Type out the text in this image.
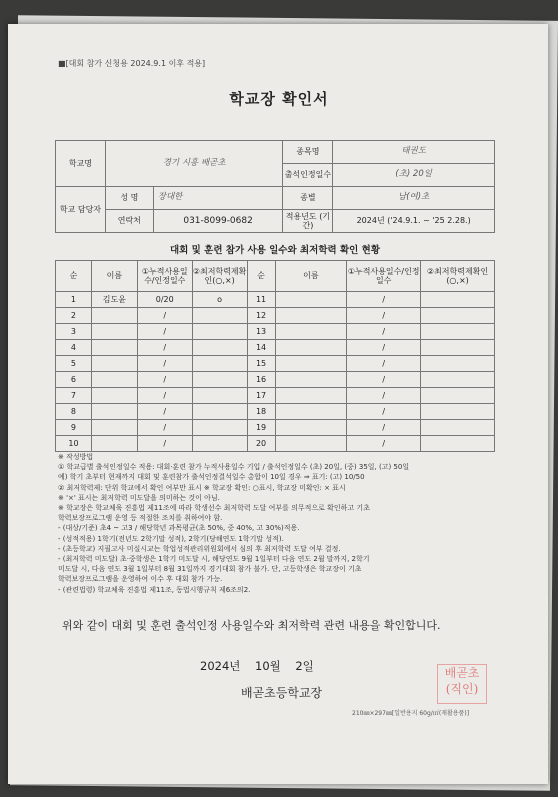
■[대회 참가 신청용 2024.9.1 이후 적용]
학교장 확인서
학교명	경기 시흥 배곧초		종목명	태권도
			출석인정일수	(초) 20일
학교 담당자	성 명	장대한	종별	남(여)초
	연락처	031-8099-0682	적용년도 (기간)	2024년 ('24.9.1. ~ '25 2.28.)
대회 및 훈련 참가 사용 일수와 최저학력 확인 현황
순	이름	①누적사용일수/인정일수	②최저학력제확인(○,×)	순	이름	①누적사용일수/인정일수	②최저학력제확인(○,×)
1	김도윤	0/20	o	11		/	
2		/		12		/	
3		/		13		/	
4		/		14		/	
5		/		15		/	
6		/		16		/	
7		/		17		/	
8		/		18		/	
9		/		19		/	
10		/		20		/	
※ 작성방법
① 학교급별 출석인정일수 적용: 대회·훈련 참가 누적사용일수 기입 / 출석인정일수 (초) 20일, (중) 35일, (고) 50일
예) 학기 초부터 현재까지 대회 및 훈련참가 출석인정결석일수 총합이 10일 경우 ⇒ 표기: (고) 10/50
② 최저학력제: 단위 학교에서 확인 여부만 표시 ※ 학교장 확인: ○표시, 학교장 미확인: × 표시
※ '×' 표시는 최저학력 미도달을 의미하는 것이 아님.
※ 학교장은 학교체육 진흥법 제11조에 따라 학생선수 최저학력 도달 여부를 의무적으로 확인하고 기초
학력보장프로그램 운영 등 적절한 조치를 취하여야 함.
- (대상/기준) 초4 ~ 고3 / 해당학년 과목평균(초 50%, 중 40%, 고 30%)적용.
- (성적적용) 1학기(전년도 2학기말 성적), 2학기(당해연도 1학기말 성적).
- (초등학교) 지필고사 미실시교는 학업성적관리위원회에서 심의 후 최저학력 도달 여부 결정.
- (최저학력 미도달) 초·중학생은 1학기 미도달 시, 해당연도 9월 1일부터 다음 연도 2월 말까지, 2학기
미도달 시, 다음 연도 3월 1일부터 8월 31일까지 경기대회 참가 불가. 단, 고등학생은 학교장이 기초
학력보장프로그램을 운영하여 이수 후 대회 참가 가능.
- (관련법령) 학교체육 진흥법 제11조, 동법시행규칙 제6조의2.
위와 같이 대회 및 훈련 출석인정 사용일수와 최저학력 관련 내용을 확인합니다.
2024년    10월    2일
배곧초등학교장
배곧초 (직인)
210㎜×297㎜[일반용지 60g/㎡(재활용품)]
